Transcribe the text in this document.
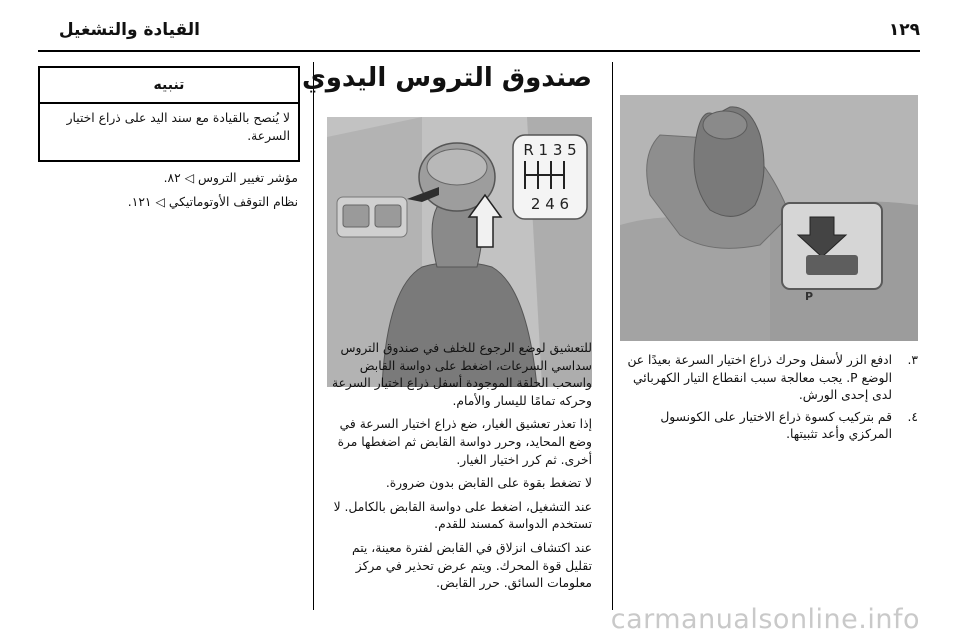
١٢٩
القيادة والتشغيل
P
٣.
ادفع الزر لأسفل وحرك ذراع اختيار السرعة بعيدًا عن الوضع P. يجب معالجة سبب انقطاع التيار الكهربائي لدى إحدى الورش.
٤.
قم بتركيب كسوة ذراع الاختيار على الكونسول المركزي وأعد تثبيتها.
صندوق التروس اليدوي
R 1 3 5
2 4 6

للتعشيق لوضع الرجوع للخلف في صندوق التروس سداسي السرعات، اضغط على دواسة القابض واسحب الحلقة الموجودة أسفل ذراع اختيار السرعة وحركه تمامًا لليسار والأمام.

إذا تعذر تعشيق الغيار، ضع ذراع اختيار السرعة في وضع المحايد، وحرر دواسة القابض ثم اضغطها مرة أخرى. ثم كرر اختيار الغيار.

لا تضغط بقوة على القابض بدون ضرورة.

عند التشغيل، اضغط على دواسة القابض بالكامل. لا تستخدم الدواسة كمسند للقدم.

عند اكتشاف انزلاق في القابض لفترة معينة، يتم تقليل قوة المحرك. ويتم عرض تحذير في مركز معلومات السائق. حرر القابض.

تنبيه
لا يُنصح بالقيادة مع سند اليد على ذراع اختيار السرعة.

مؤشر تغيير التروس ◁ ٨٢.

نظام التوقف الأوتوماتيكي ◁ ١٢١.

carmanualsonline.info
